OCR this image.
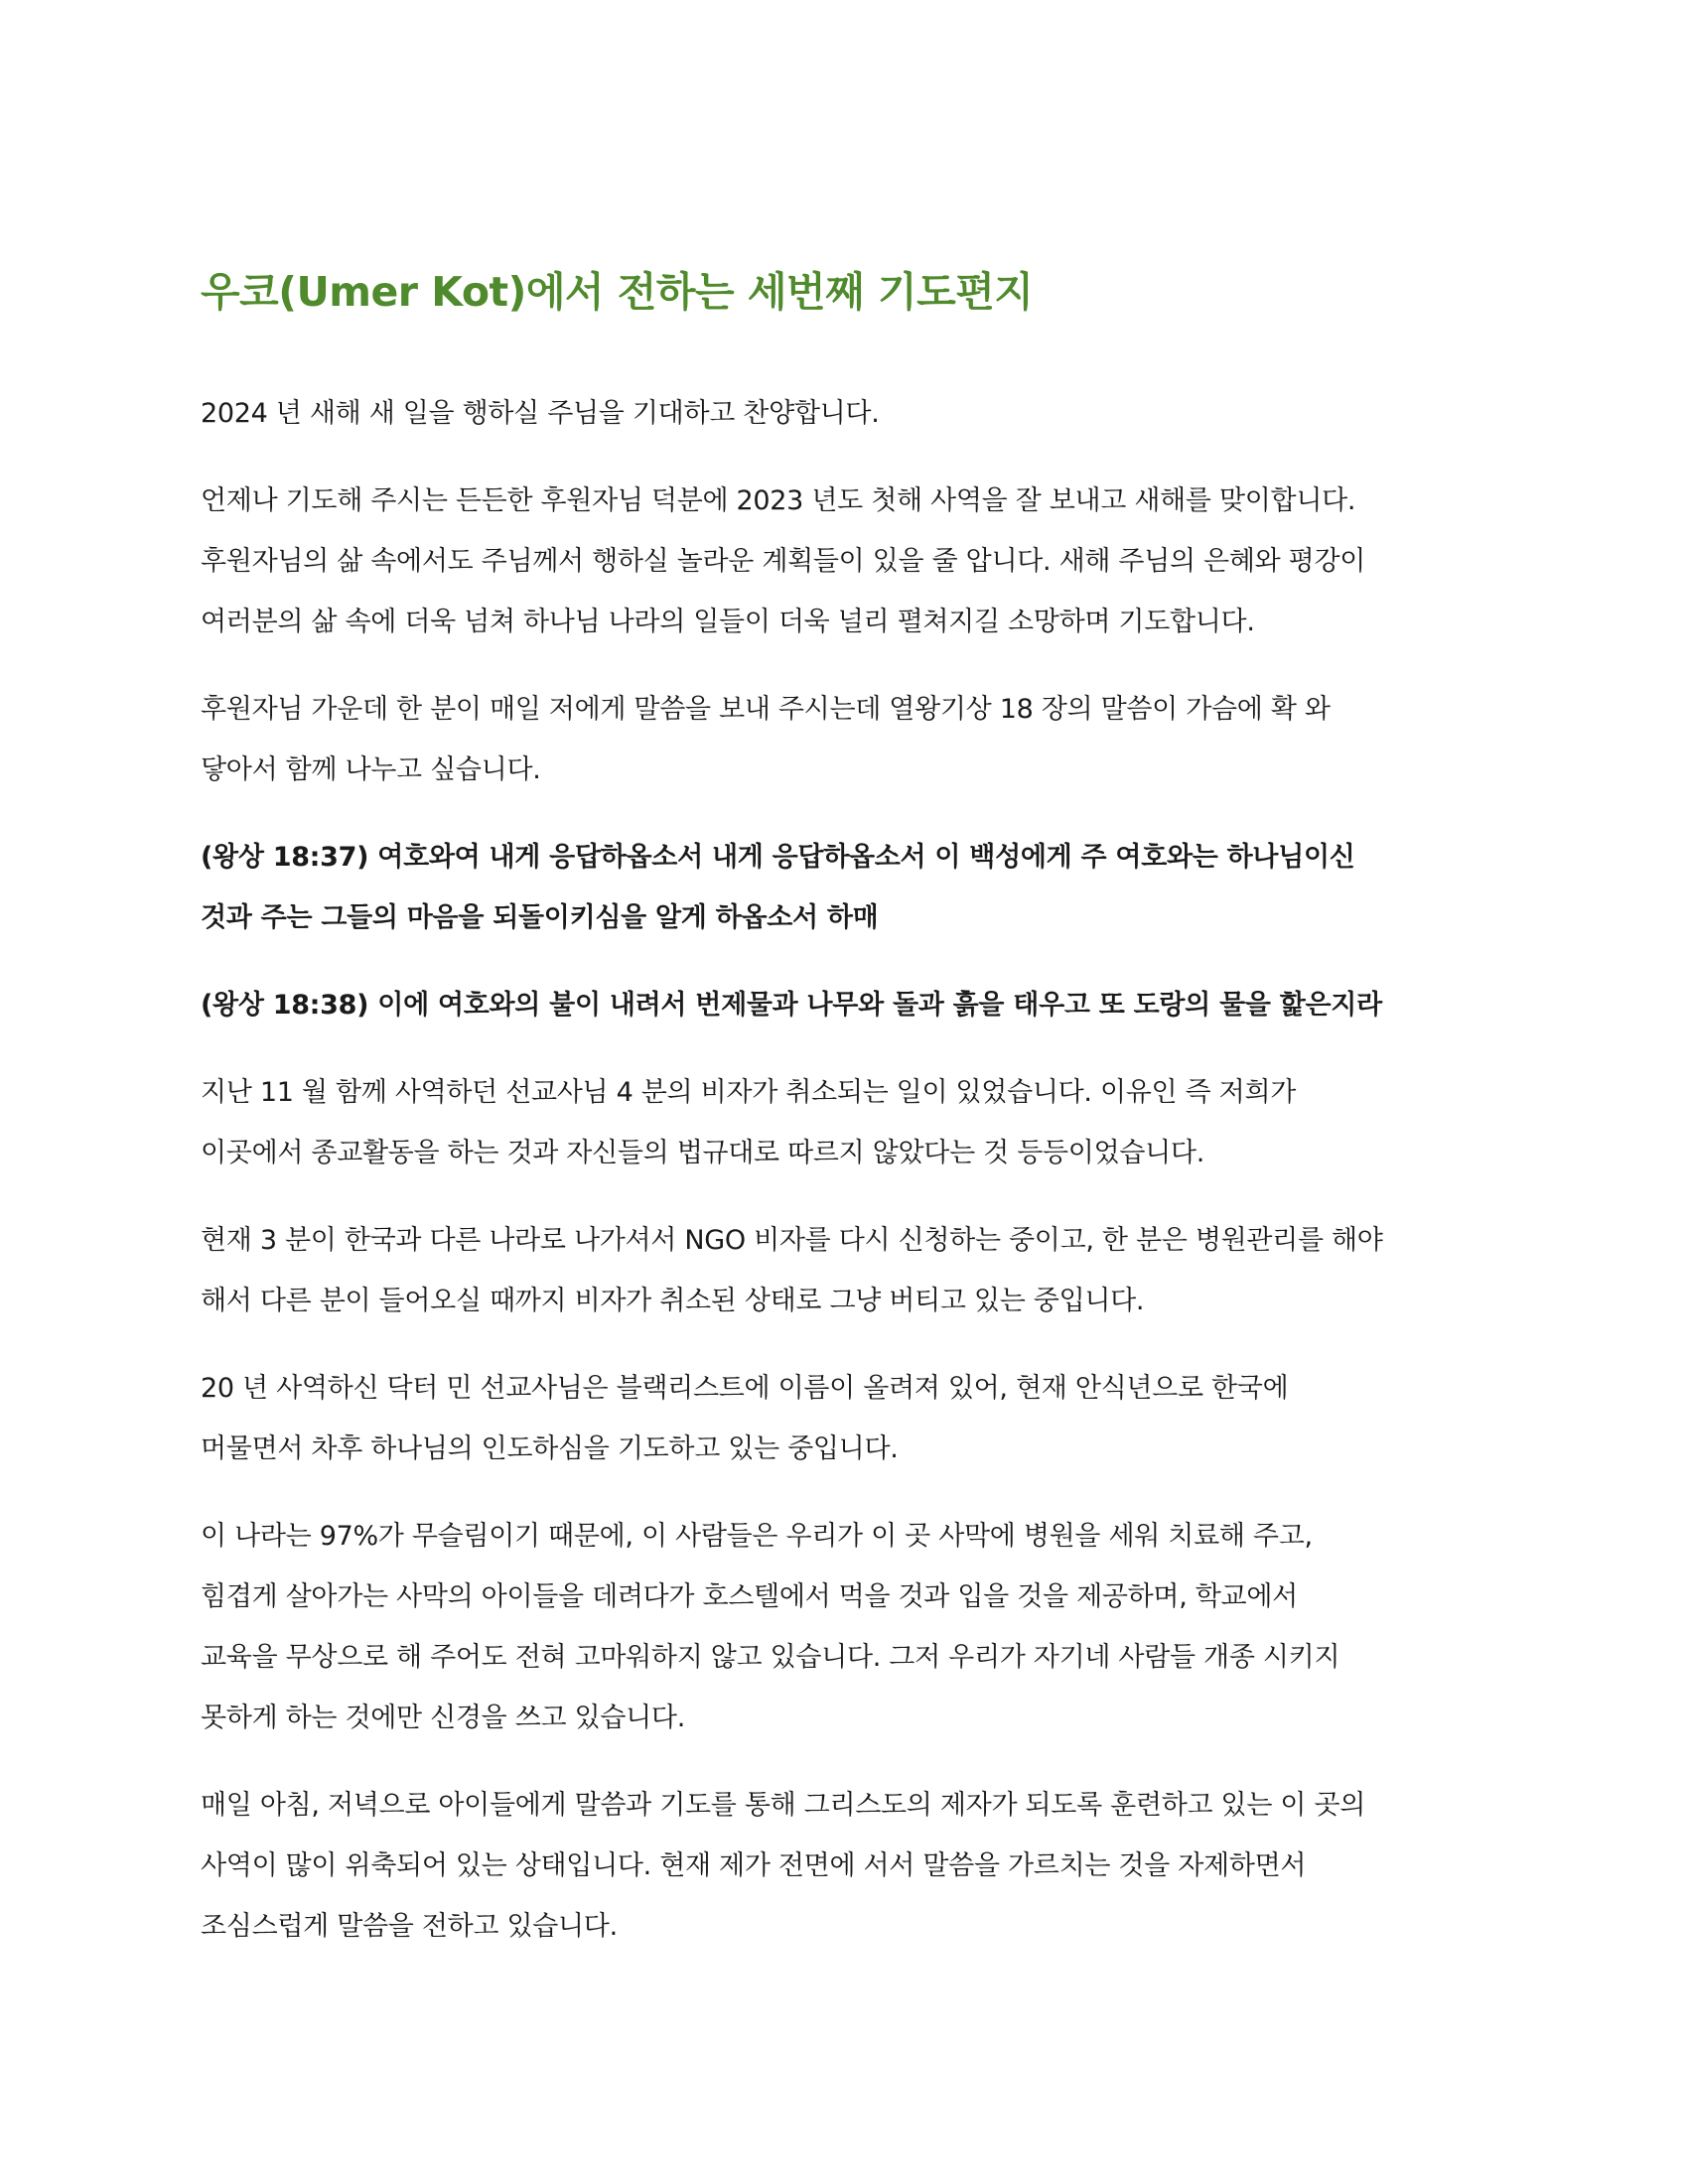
우코(Umer Kot)에서 전하는 세번째 기도편지

2024 년 새해 새 일을 행하실 주님을 기대하고 찬양합니다.

언제나 기도해 주시는 든든한 후원자님 덕분에 2023 년도 첫해 사역을 잘 보내고 새해를 맞이합니다.
후원자님의 삶 속에서도 주님께서 행하실 놀라운 계획들이 있을 줄 압니다. 새해 주님의 은혜와 평강이
여러분의 삶 속에 더욱 넘쳐 하나님 나라의 일들이 더욱 널리 펼쳐지길 소망하며 기도합니다.

후원자님 가운데 한 분이 매일 저에게 말씀을 보내 주시는데 열왕기상 18 장의 말씀이 가슴에 확 와
닿아서 함께 나누고 싶습니다.

(왕상 18:37) 여호와여 내게 응답하옵소서 내게 응답하옵소서 이 백성에게 주 여호와는 하나님이신
것과 주는 그들의 마음을 되돌이키심을 알게 하옵소서 하매

(왕상 18:38) 이에 여호와의 불이 내려서 번제물과 나무와 돌과 흙을 태우고 또 도랑의 물을 핥은지라

지난 11 월 함께 사역하던 선교사님 4 분의 비자가 취소되는 일이 있었습니다. 이유인 즉 저희가
이곳에서 종교활동을 하는 것과 자신들의 법규대로 따르지 않았다는 것 등등이었습니다.

현재 3 분이 한국과 다른 나라로 나가셔서 NGO 비자를 다시 신청하는 중이고, 한 분은 병원관리를 해야
해서 다른 분이 들어오실 때까지 비자가 취소된 상태로 그냥 버티고 있는 중입니다.

20 년 사역하신 닥터 민 선교사님은 블랙리스트에 이름이 올려져 있어, 현재 안식년으로 한국에
머물면서 차후 하나님의 인도하심을 기도하고 있는 중입니다.

이 나라는 97%가 무슬림이기 때문에, 이 사람들은 우리가 이 곳 사막에 병원을 세워 치료해 주고,
힘겹게 살아가는 사막의 아이들을 데려다가 호스텔에서 먹을 것과 입을 것을 제공하며, 학교에서
교육을 무상으로 해 주어도 전혀 고마워하지 않고 있습니다. 그저 우리가 자기네 사람들 개종 시키지
못하게 하는 것에만 신경을 쓰고 있습니다.

매일 아침, 저녁으로 아이들에게 말씀과 기도를 통해 그리스도의 제자가 되도록 훈련하고 있는 이 곳의
사역이 많이 위축되어 있는 상태입니다. 현재 제가 전면에 서서 말씀을 가르치는 것을 자제하면서
조심스럽게 말씀을 전하고 있습니다.
